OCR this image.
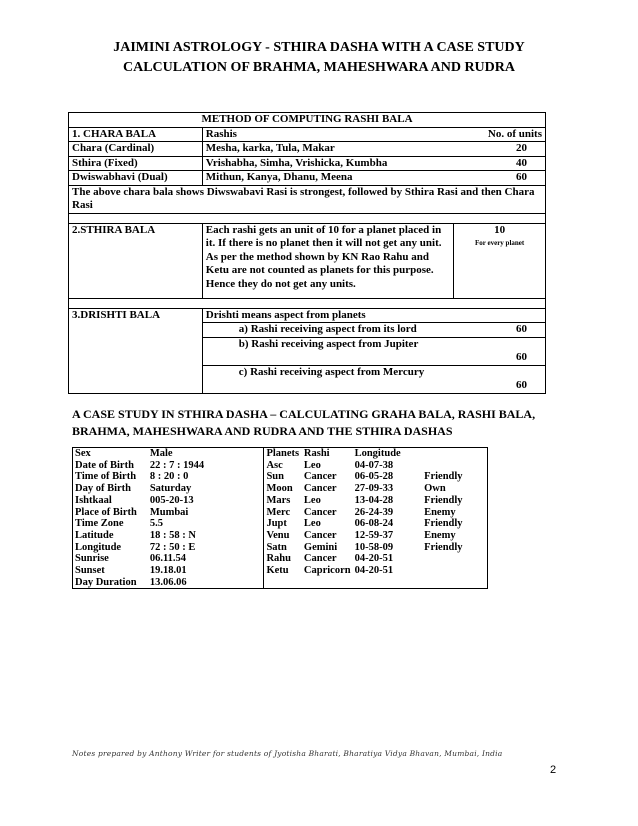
JAIMINI ASTROLOGY - STHIRA DASHA WITH A CASE STUDY
CALCULATION OF BRAHMA, MAHESHWARA AND RUDRA
METHOD OF COMPUTING RASHI BALA		
1. CHARA BALA	Rashis	No. of units
Chara (Cardinal)	Mesha, karka, Tula, Makar	20
Sthira (Fixed)	Vrishabha, Simha, Vrishicka, Kumbha	40
Dwiswabhavi (Dual)	Mithun, Kanya, Dhanu, Meena	60
The above chara bala shows Diwswabavi Rasi is strongest, followed by Sthira Rasi and then Chara Rasi		

2.STHIRA BALA	Each rashi gets an unit of 10 for a planet placed in it. If there is no planet then it will not get any unit. As per the method shown by KN Rao Rahu and Ketu are not counted as planets for this purpose. Hence they do not get any units.	10
For every planet

3.DRISHTI BALA	Drishti means aspect from planets	
	a) Rashi receiving aspect from its lord	60
	b) Rashi receiving aspect from Jupiter	60
	c) Rashi receiving aspect from Mercury	60
A CASE STUDY IN STHIRA DASHA – CALCULATING GRAHA BALA, RASHI BALA, BRAHMA, MAHESHWARA AND RUDRA AND THE STHIRA DASHAS
Sex	Male	Planets	Rashi	Longitude	
Date of Birth	22 : 7 : 1944	Asc	Leo	04-07-38	
Time of Birth	8 : 20 : 0	Sun	Cancer	06-05-28	Friendly
Day of Birth	Saturday	Moon	Cancer	27-09-33	Own
Ishtkaal	005-20-13	Mars	Leo	13-04-28	Friendly
Place of Birth	Mumbai	Merc	Cancer	26-24-39	Enemy
Time Zone	5.5	Jupt	Leo	06-08-24	Friendly
Latitude	18 : 58 : N	Venu	Cancer	12-59-37	Enemy
Longitude	72 : 50 : E	Satn	Gemini	10-58-09	Friendly
Sunrise	06.11.54	Rahu	Cancer	04-20-51	
Sunset	19.18.01	Ketu	Capricorn	04-20-51	
Day Duration	13.06.06				
Notes prepared by Anthony Writer for students of Jyotisha Bharati, Bharatiya Vidya Bhavan, Mumbai, India
2
